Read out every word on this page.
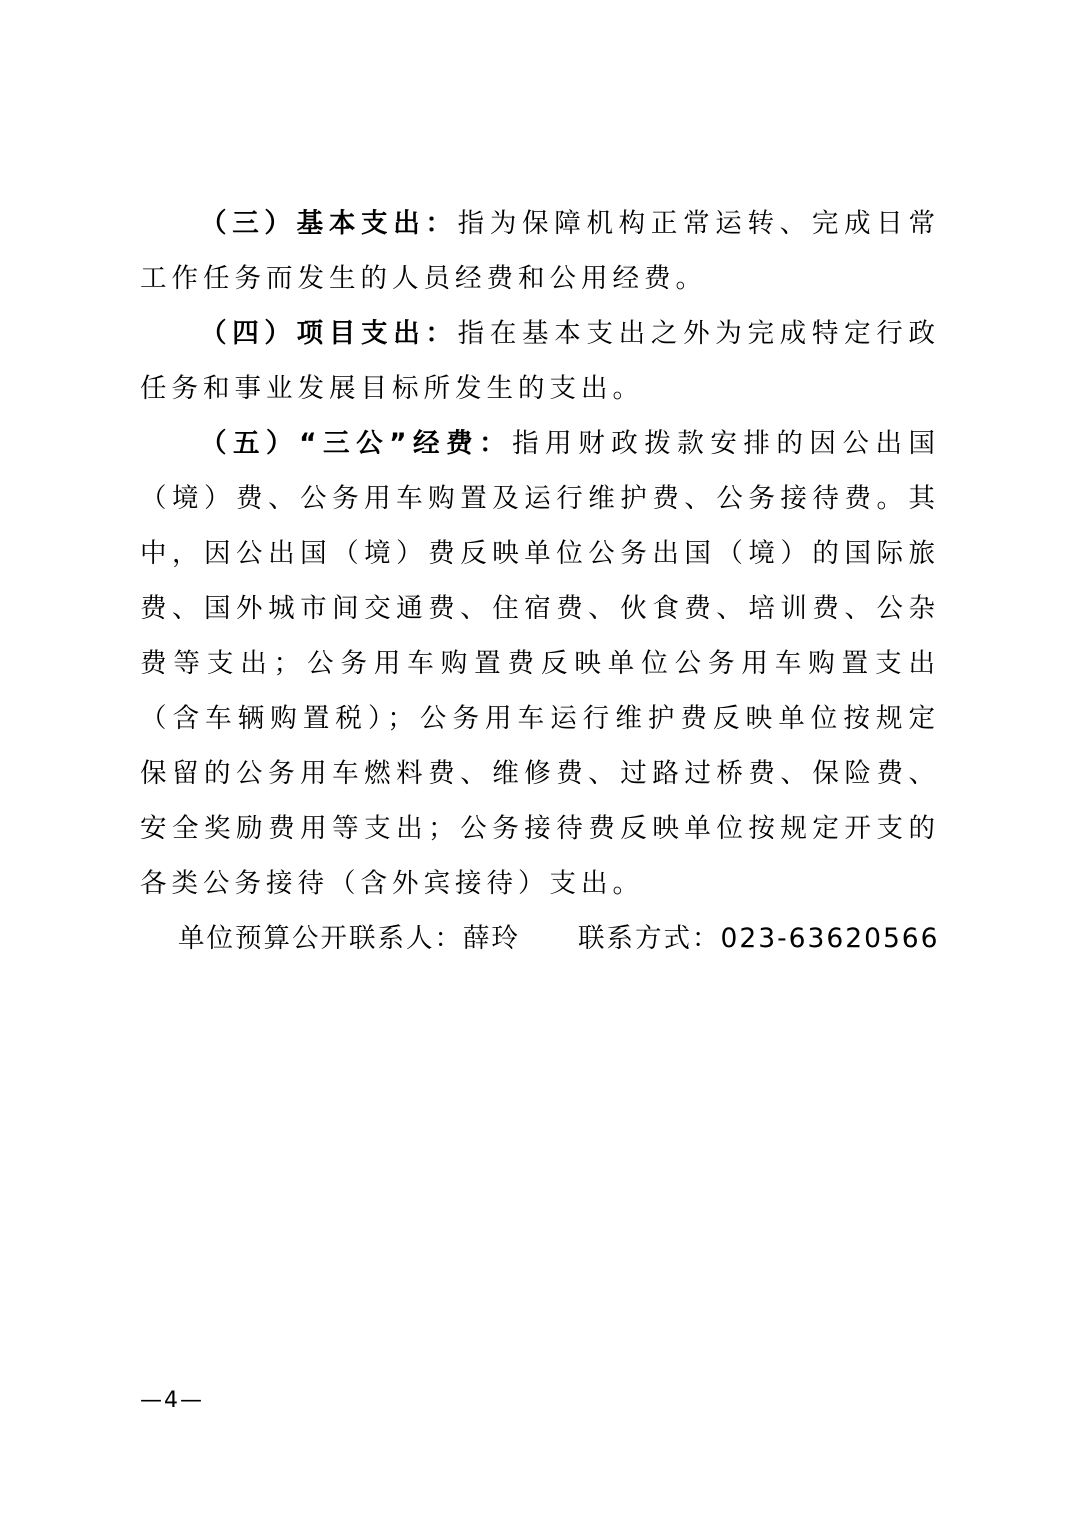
（三）基本支出：指为保障机构正常运转、完成日常工作任务而发生的人员经费和公用经费。

（四）项目支出：指在基本支出之外为完成特定行政任务和事业发展目标所发生的支出。

（五）“三公”经费：指用财政拨款安排的因公出国（境）费、公务用车购置及运行维护费、公务接待费。其中，因公出国（境）费反映单位公务出国（境）的国际旅费、国外城市间交通费、住宿费、伙食费、培训费、公杂费等支出；公务用车购置费反映单位公务用车购置支出（含车辆购置税）；公务用车运行维护费反映单位按规定保留的公务用车燃料费、维修费、过路过桥费、保险费、安全奖励费用等支出；公务接待费反映单位按规定开支的各类公务接待（含外宾接待）支出。

单位预算公开联系人：薛玲 联系方式：023-63620566

—4—
